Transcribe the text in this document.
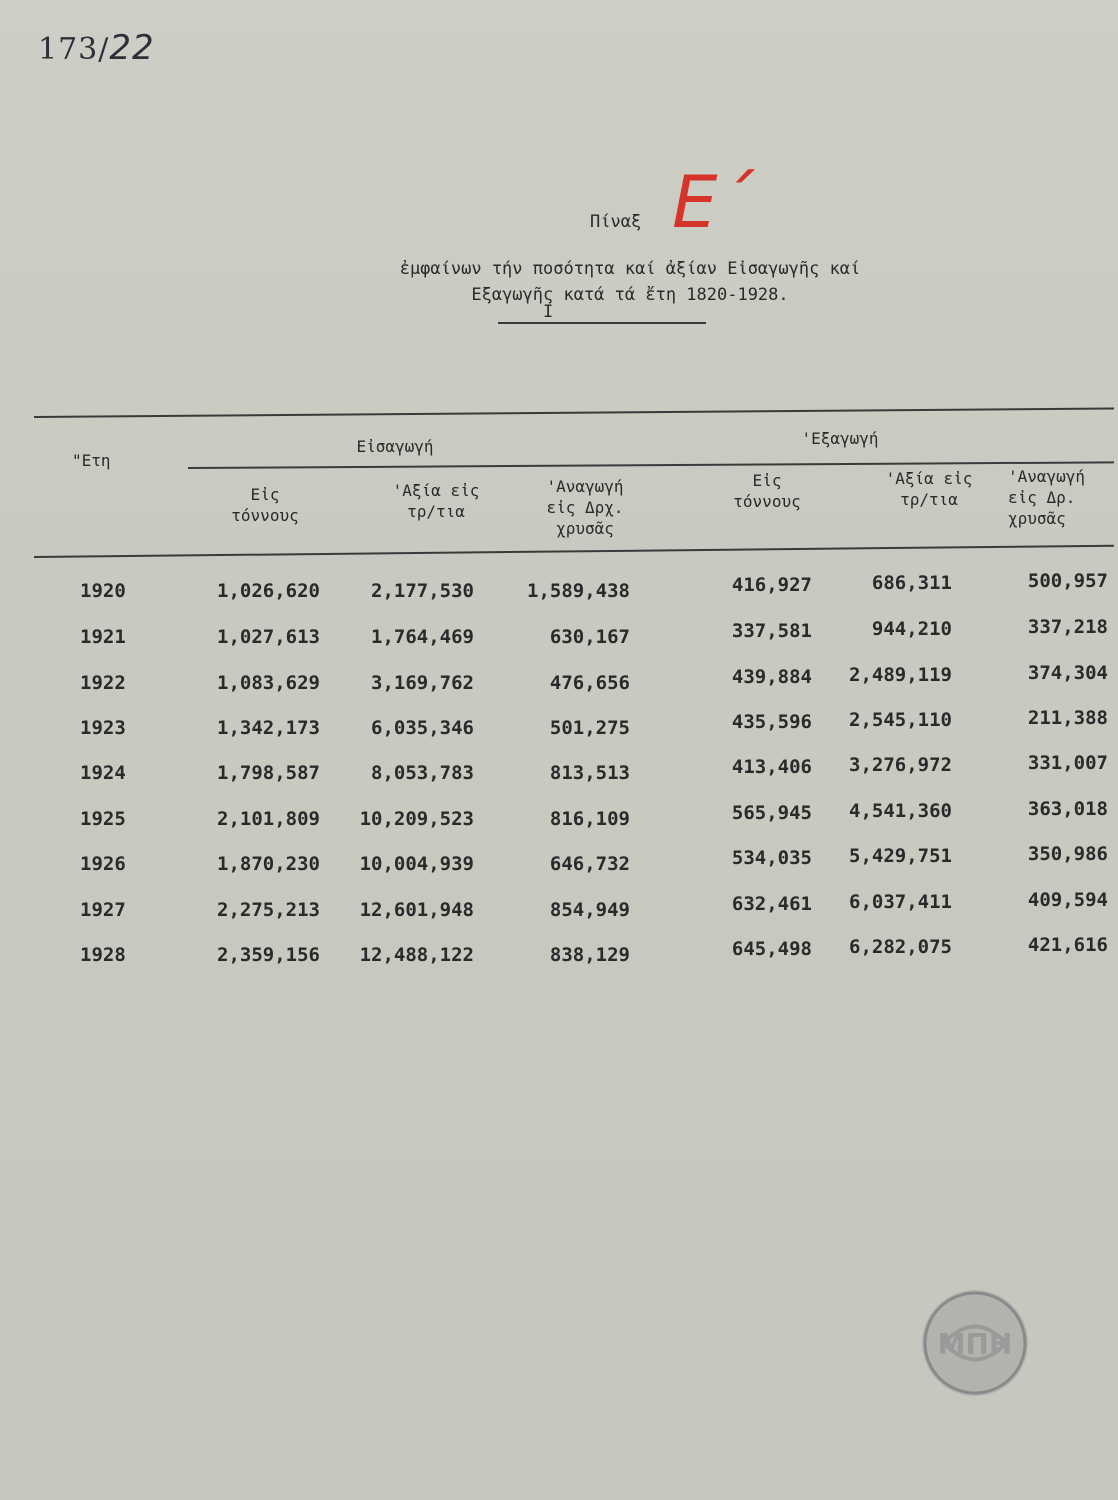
173/22
Πίναξ Ε΄
ἐμφαίνων τήν ποσότητα καί ἀξίαν Εἰσαγωγῆς καί
Εξαγωγῆς κατά τά ἔτη 1820-1928.
I
"Ετη
Εἰσαγωγή	'Εξαγωγή
Εἰς
τόννους
'Αξία εἰς
τρ/τια
'Αναγωγή
εἰς Δρχ.
χρυσᾶς
Εἰς
τόννους
'Αξία εἰς
τρ/τια
'Αναγωγή
εἰς Δρ.
χρυσᾶς
1920	1,026,620	2,177,530	1,589,438	416,927	686,311	500,957
1921	1,027,613	1,764,469	630,167	337,581	944,210	337,218
1922	1,083,629	3,169,762	476,656	439,884 2,489,119	374,304
1923	1,342,173	6,035,346	501,275	435,596 2,545,110	211,388
1924	1,798,587	8,053,783	813,513	413,406 3,276,972	331,007
1925	2,101,809 10,209,523	816,109	565,945 4,541,360	363,018
1926	1,870,230 10,004,939	646,732	534,035 5,429,751	350,986
1927	2,275,213 12,601,948	854,949	632,461 6,037,411	409,594
1928	2,359,156 12,488,122	838,129	645,498 6,282,075	421,616
ΜΠΗ
